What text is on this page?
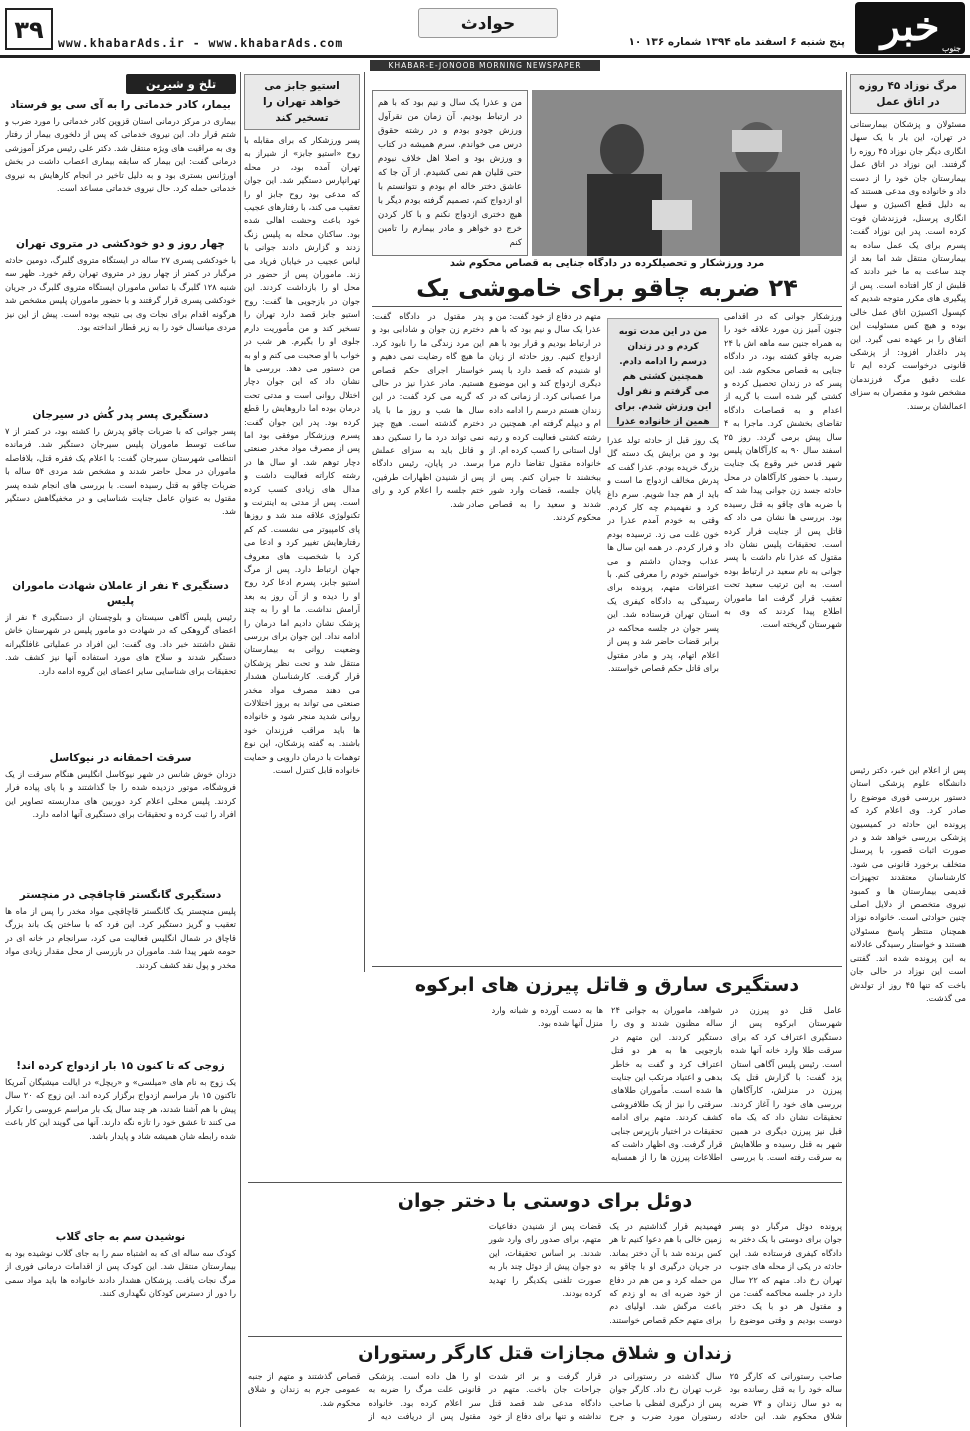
خبر جنوب
پنج شنبه ۶ اسفند ماه ۱۳۹۴ شماره ۱۳۶ ۱۰
حوادث
۳۹	www.khabarAds.ir - www.khabarAds.com
KHABAR-E-JONOOB MORNING NEWSPAPER
مرگ نوزاد ۴۵ روزه در اتاق عمل
مسئولان و پزشکان بیمارستانی در تهران، این بار با یک سهل انگاری دیگر جان نوزاد ۴۵ روزه را گرفتند. این نوزاد در اتاق عمل بیمارستان جان خود را از دست داد و خانواده وی مدعی هستند که به دلیل قطع اکسیژن و سهل انگاری پرسنل، فرزندشان فوت کرده است. پدر این نوزاد گفت: پسرم برای یک عمل ساده به بیمارستان منتقل شد اما بعد از چند ساعت به ما خبر دادند که قلبش از کار افتاده است. پس از پیگیری های مکرر متوجه شدیم که کپسول اکسیژن اتاق عمل خالی بوده و هیچ کس مسئولیت این اتفاق را بر عهده نمی گیرد. این پدر داغدار افزود: از پزشکی قانونی درخواست کرده ایم تا علت دقیق مرگ فرزندمان مشخص شود و مقصران به سزای اعمالشان برسند.
پس از اعلام این خبر، دکتر رئیس دانشگاه علوم پزشکی استان دستور بررسی فوری موضوع را صادر کرد. وی اعلام کرد که پرونده این حادثه در کمیسیون پزشکی بررسی خواهد شد و در صورت اثبات قصور، با پرسنل متخلف برخورد قانونی می شود. کارشناسان معتقدند تجهیزات قدیمی بیمارستان ها و کمبود نیروی متخصص از دلایل اصلی چنین حوادثی است. خانواده نوزاد همچنان منتظر پاسخ مسئولان هستند و خواستار رسیدگی عادلانه به این پرونده شده اند. گفتنی است این نوزاد در حالی جان باخت که تنها ۴۵ روز از تولدش می گذشت.
من و عذرا یک سال و نیم بود که با هم در ارتباط بودیم. آن زمان من نقرآول ورزش جودو بودم و در رشته حقوق درس می خواندم. سرم همیشه در کتاب و ورزش بود و اصلا اهل خلاف نبودم حتی قلیان هم نمی کشیدم. از آن جا که عاشق دختر خاله ام بودم و نتوانستم با او ازدواج کنم، تصمیم گرفته بودم دیگر با هیچ دختری ازدواج نکنم و با کار کردن خرج دو خواهر و مادر بیمارم را تامین کنم
مرد ورزشکار و تحصیلکرده در دادگاه جنایی به قصاص محکوم شد
۲۴ ضربه چاقو برای خاموشی یک
ورزشکار جوانی که در اقدامی جنون آمیز زن مورد علاقه خود را به همراه جنین سه ماهه اش با ۲۴ ضربه چاقو کشته بود، در دادگاه جنایی به قصاص محکوم شد. این پسر که در زندان تحصیل کرده و کشتی گیر شده است با گریه از اعدام و به قصاصات دادگاه تقاضای بخشش کرد. ماجرا به ۴ سال پیش برمی گردد. روز ۲۵ اسفند سال ۹۰ به کارآگاهان پلیس شهر قدس خبر وقوع یک جنایت رسید. با حضور کارآگاهان در محل حادثه جسد زن جوانی پیدا شد که با ضربه های چاقو به قتل رسیده بود. بررسی ها نشان می داد که قاتل پس از جنایت فرار کرده است. تحقیقات پلیس نشان داد مقتول که عذرا نام داشت با پسر جوانی به نام سعید در ارتباط بوده است. به این ترتیب سعید تحت تعقیب قرار گرفت اما ماموران اطلاع پیدا کردند که وی به شهرستان گریخته است.
من در این مدت توبه کردم و در زندان درسم را ادامه دادم. همچنین کشتی هم می گرفتم و نفر اول این ورزش شدم. برای همین از خانواده عذرا
یک روز قبل از حادثه تولد عذرا بود و من برایش یک دسته گل بزرگ خریده بودم. عذرا گفت که پدرش مخالف ازدواج ما است و باید از هم جدا شویم. سرم داغ کرد و نفهمیدم چه کار کردم. وقتی به خودم آمدم عذرا در خون غلت می زد. ترسیده بودم و فرار کردم. در همه این سال ها عذاب وجدان داشتم و می خواستم خودم را معرفی کنم. با اعترافات متهم، پرونده برای رسیدگی به دادگاه کیفری یک استان تهران فرستاده شد. این پسر جوان در جلسه محاکمه در برابر قضات حاضر شد و پس از اعلام اتهام، پدر و مادر مقتول برای قاتل حکم قصاص خواستند.
متهم در دفاع از خود گفت: من و عذرا یک سال و نیم بود که با هم در ارتباط بودیم و قرار بود با هم ازدواج کنیم. روز حادثه از زبان او شنیدم که قصد دارد با پسر دیگری ازدواج کند و این موضوع مرا عصبانی کرد. از زمانی که در زندان هستم درسم را ادامه داده ام و دیپلم گرفته ام. همچنین در رشته کشتی فعالیت کرده و رتبه اول استانی را کسب کرده ام. از خانواده مقتول تقاضا دارم مرا ببخشند تا جبران کنم. پس از پایان جلسه، قضات وارد شور شدند و سعید را به قصاص محکوم کردند.
پدر مقتول در دادگاه گفت: دخترم زن جوان و شادابی بود و این مرد زندگی ما را نابود کرد. ما هیچ گاه رضایت نمی دهیم و خواستار اجرای حکم قصاص هستیم. مادر عذرا نیز در حالی که گریه می کرد گفت: در این سال ها شب و روز ما با یاد دخترم گذشته است. هیچ چیز نمی تواند درد ما را تسکین دهد و قاتل باید به سزای عملش برسد. در پایان، رئیس دادگاه پس از شنیدن اظهارات طرفین، ختم جلسه را اعلام کرد و رای صادر شد.
دستگیری سارق و قاتل پیرزن های ابرکوه
عامل قتل دو پیرزن در شهرستان ابرکوه پس از دستگیری اعتراف کرد که برای سرقت طلا وارد خانه آنها شده است. رئیس پلیس آگاهی استان یزد گفت: با گزارش قتل یک پیرزن در منزلش، کارآگاهان بررسی های خود را آغاز کردند. تحقیقات نشان داد که یک ماه قبل نیز پیرزن دیگری در همین شهر به قتل رسیده و طلاهایش به سرقت رفته است. با بررسی شواهد، ماموران به جوانی ۲۴ ساله مظنون شدند و وی را دستگیر کردند. این متهم در بازجویی ها به هر دو قتل اعتراف کرد و گفت به خاطر بدهی و اعتیاد مرتکب این جنایت ها شده است. مأموران طلاهای سرقتی را نیز از یک طلافروشی کشف کردند. متهم برای ادامه تحقیقات در اختیار بازپرس جنایی قرار گرفت. وی اظهار داشت که اطلاعات پیرزن ها را از همسایه ها به دست آورده و شبانه وارد منزل آنها شده بود.
دوئل برای دوستی با دختر جوان
پرونده دوئل مرگبار دو پسر جوان برای دوستی با یک دختر به دادگاه کیفری فرستاده شد. این حادثه در یکی از محله های جنوب تهران رخ داد. متهم که ۲۲ سال دارد در جلسه محاکمه گفت: من و مقتول هر دو با یک دختر دوست بودیم و وقتی موضوع را فهمیدیم قرار گذاشتیم در یک زمین خالی با هم دعوا کنیم تا هر کس برنده شد با آن دختر بماند. در جریان درگیری او با چاقو به من حمله کرد و من هم در دفاع از خود ضربه ای به او زدم که باعث مرگش شد. اولیای دم برای متهم حکم قصاص خواستند. قضات پس از شنیدن دفاعیات متهم، برای صدور رای وارد شور شدند. بر اساس تحقیقات، این دو جوان پیش از دوئل چند بار به صورت تلفنی یکدیگر را تهدید کرده بودند.
زندان و شلاق مجازات قتل کارگر رستوران
صاحب رستورانی که کارگر ۲۵ ساله خود را به قتل رسانده بود به دو سال زندان و ۷۴ ضربه شلاق محکوم شد. این حادثه سال گذشته در رستورانی در غرب تهران رخ داد. کارگر جوان پس از درگیری لفظی با صاحب رستوران مورد ضرب و جرح قرار گرفت و بر اثر شدت جراحات جان باخت. متهم در دادگاه مدعی شد قصد قتل نداشته و تنها برای دفاع از خود او را هل داده است. پزشکی قانونی علت مرگ را ضربه به سر اعلام کرده بود. خانواده مقتول پس از دریافت دیه از قصاص گذشتند و متهم از جنبه عمومی جرم به زندان و شلاق محکوم شد.
استیو جابز می خواهد تهران را تسخیر کند
پسر ورزشکار که برای مقابله با روح «استیو جابز» از شیراز به تهران آمده بود، در محله تهرانپارس دستگیر شد. این جوان که مدعی بود روح جابز او را تعقیب می کند، با رفتارهای عجیب خود باعث وحشت اهالی شده بود. ساکنان محله به پلیس زنگ زدند و گزارش دادند جوانی با لباس عجیب در خیابان فریاد می زند. ماموران پس از حضور در محل او را بازداشت کردند. این جوان در بازجویی ها گفت: روح استیو جابز قصد دارد تهران را تسخیر کند و من مأموریت دارم جلوی او را بگیرم. هر شب در خواب با او صحبت می کنم و او به من دستور می دهد. بررسی ها نشان داد که این جوان دچار اختلال روانی است و مدتی تحت درمان بوده اما داروهایش را قطع کرده بود. پدر این جوان گفت: پسرم ورزشکار موفقی بود اما پس از مصرف مواد مخدر صنعتی دچار توهم شد. او سال ها در رشته کاراته فعالیت داشت و مدال های زیادی کسب کرده است. پس از مدتی به اینترنت و تکنولوژی علاقه مند شد و روزها پای کامپیوتر می نشست. کم کم رفتارهایش تغییر کرد و ادعا می کرد با شخصیت های معروف جهان ارتباط دارد. پس از مرگ استیو جابز، پسرم ادعا کرد روح او را دیده و از آن روز به بعد آرامش نداشت. ما او را به چند پزشک نشان دادیم اما درمان را ادامه نداد. این جوان برای بررسی وضعیت روانی به بیمارستان منتقل شد و تحت نظر پزشکان قرار گرفت. کارشناسان هشدار می دهند مصرف مواد مخدر صنعتی می تواند به بروز اختلالات روانی شدید منجر شود و خانواده ها باید مراقب فرزندان خود باشند. به گفته پزشکان، این نوع توهمات با درمان دارویی و حمایت خانواده قابل کنترل است.
تلخ و شیرین
بیمار، کادر خدماتی را به آی سی یو فرستاد
بیماری در مرکز درمانی استان قزوین کادر خدماتی را مورد ضرب و شتم قرار داد. این نیروی خدماتی که پس از دلخوری بیمار از رفتار وی به مراقبت های ویژه منتقل شد. دکتر علی رئیس مرکز آموزشی درمانی گفت: این بیمار که سابقه بیماری اعصاب داشت در بخش اورژانس بستری بود و به دلیل تاخیر در انجام کارهایش به نیروی خدماتی حمله کرد. حال نیروی خدماتی مساعد است.
چهار روز و دو خودکشی در متروی تهران
با خودکشی پسری ۲۷ ساله در ایستگاه متروی گلبرگ، دومین حادثه مرگبار در کمتر از چهار روز در متروی تهران رقم خورد. ظهر سه شنبه ۱۲۸ گلبرگ با تماس ماموران ایستگاه متروی گلبرگ در جریان خودکشی پسری قرار گرفتند و با حضور ماموران پلیس مشخص شد هرگونه اقدام برای نجات وی بی نتیجه بوده است. پیش از این نیز مردی میانسال خود را به زیر قطار انداخته بود.
دستگیری پسر پدر کُش در سیرجان
پسر جوانی که با ضربات چاقو پدرش را کشته بود، در کمتر از ۷ ساعت توسط ماموران پلیس سیرجان دستگیر شد. فرمانده انتظامی شهرستان سیرجان گفت: با اعلام یک فقره قتل، بلافاصله ماموران در محل حاضر شدند و مشخص شد مردی ۵۴ ساله با ضربات چاقو به قتل رسیده است. با بررسی های انجام شده پسر مقتول به عنوان عامل جنایت شناسایی و در مخفیگاهش دستگیر شد.
دستگیری ۴ نفر از عاملان شهادت ماموران پلیس
رئیس پلیس آگاهی سیستان و بلوچستان از دستگیری ۴ نفر از اعضای گروهکی که در شهادت دو مامور پلیس در شهرستان خاش نقش داشتند خبر داد. وی گفت: این افراد در عملیاتی غافلگیرانه دستگیر شدند و سلاح های مورد استفاده آنها نیز کشف شد. تحقیقات برای شناسایی سایر اعضای این گروه ادامه دارد.
سرقت احمقانه در نیوکاسل
دزدان خوش شانس در شهر نیوکاسل انگلیس هنگام سرقت از یک فروشگاه، موتور دزدیده شده را جا گذاشتند و با پای پیاده فرار کردند. پلیس محلی اعلام کرد دوربین های مداربسته تصاویر این افراد را ثبت کرده و تحقیقات برای دستگیری آنها ادامه دارد.
دستگیری گانگستر قاچاقچی در منچستر
پلیس منچستر یک گانگستر قاچاقچی مواد مخدر را پس از ماه ها تعقیب و گریز دستگیر کرد. این فرد که با ساختن یک باند بزرگ قاچاق در شمال انگلیس فعالیت می کرد، سرانجام در خانه ای در حومه شهر پیدا شد. ماموران در بازرسی از محل مقدار زیادی مواد مخدر و پول نقد کشف کردند.
زوجی که تا کنون ۱۵ بار ازدواج کرده اند!
یک زوج به نام های «میلسی» و «ریچل» در ایالت میشیگان آمریکا تاکنون ۱۵ بار مراسم ازدواج برگزار کرده اند. این زوج که ۲۰ سال پیش با هم آشنا شدند، هر چند سال یک بار مراسم عروسی را تکرار می کنند تا عشق خود را تازه نگه دارند. آنها می گویند این کار باعث شده رابطه شان همیشه شاد و پایدار باشد.
نوشیدن سم به جای گلاب
کودک سه ساله ای که به اشتباه سم را به جای گلاب نوشیده بود به بیمارستان منتقل شد. این کودک پس از اقدامات درمانی فوری از مرگ نجات یافت. پزشکان هشدار دادند خانواده ها باید مواد سمی را دور از دسترس کودکان نگهداری کنند.
